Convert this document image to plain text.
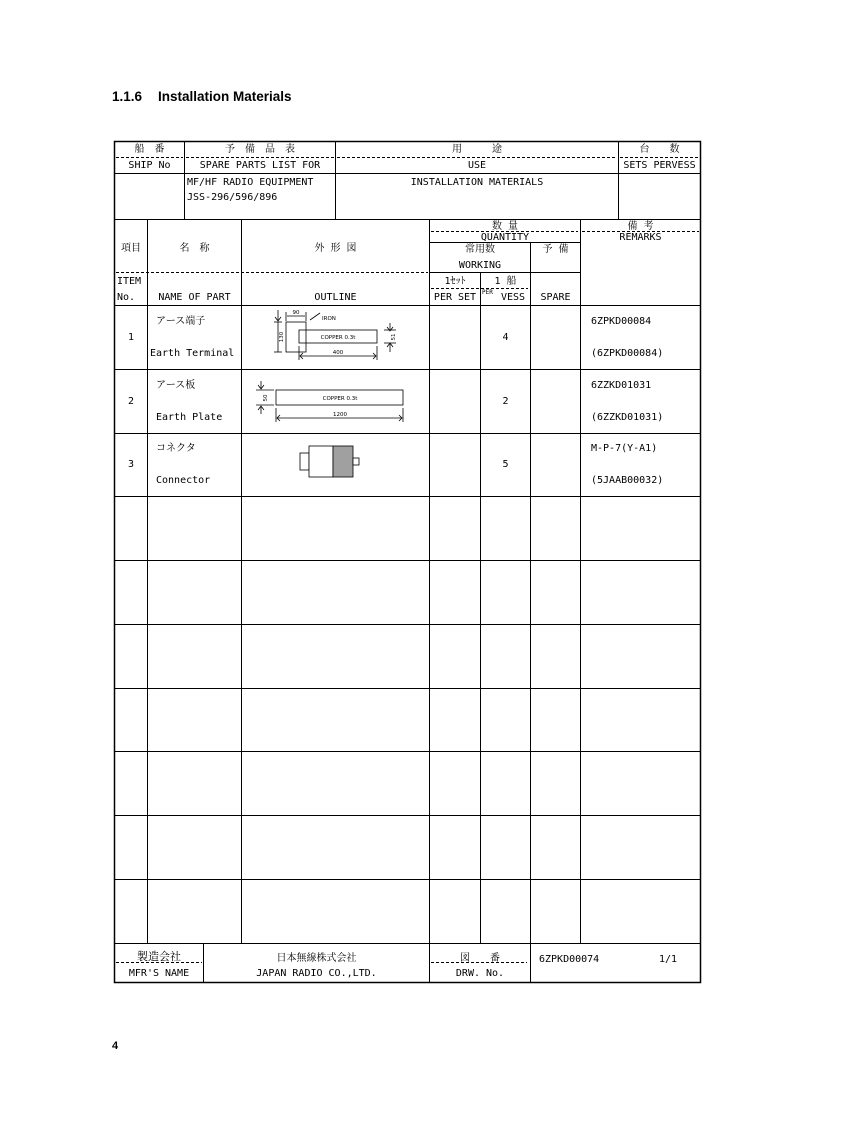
1.1.6 Installation Materials
船　番
SHIP No
予　備　品　表
SPARE PARTS LIST FOR
MF/HF RADIO EQUIPMENT
JSS-296/596/896
用　　　途
USE
INSTALLATION MATERIALS
台　　数
SETS PERVESS
項目
ITEM
No.
名　称
NAME OF PART
外 形 図
OUTLINE
数 量
QUANTITY
常用数
WORKING
1ｾｯﾄ
PER SET
1 船
PER VESS
予 備
SPARE
備 考
REMARKS
1
アース端子
Earth Terminal
4
6ZPKD00084
(6ZPKD00084)
IRON
COPPER 0.3t
90
130
400
51
2
アース板
Earth Plate
2
6ZZKD01031
(6ZZKD01031)
COPPER 0.3t
50
1200
3
コネクタ
Connector
5
M-P-7(Y-A1)
(5JAAB00032)
製造会社
MFR'S NAME
日本無線株式会社
JAPAN RADIO CO.,LTD.
図　　番
DRW. No.
6ZPKD00074	1/1
4
